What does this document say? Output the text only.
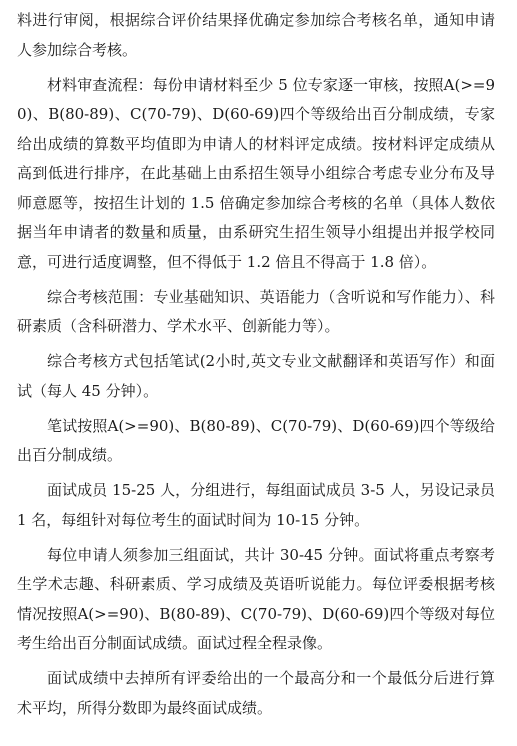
料进行审阅，根据综合评价结果择优确定参加综合考核名单，通知申请人参加综合考核。

材料审查流程：每份申请材料至少 5 位专家逐一审核，按照A(>=90)、B(80-89)、C(70-79)、D(60-69)四个等级给出百分制成绩，专家给出成绩的算数平均值即为申请人的材料评定成绩。按材料评定成绩从高到低进行排序，在此基础上由系招生领导小组综合考虑专业分布及导师意愿等，按招生计划的 1.5 倍确定参加综合考核的名单（具体人数依据当年申请者的数量和质量，由系研究生招生领导小组提出并报学校同意，可进行适度调整，但不得低于 1.2 倍且不得高于 1.8 倍）。

综合考核范围：专业基础知识、英语能力（含听说和写作能力）、科研素质（含科研潜力、学术水平、创新能力等）。

综合考核方式包括笔试(2小时,英文专业文献翻译和英语写作）和面试（每人 45 分钟）。

笔试按照A(>=90)、B(80-89)、C(70-79)、D(60-69)四个等级给出百分制成绩。

面试成员 15-25 人，分组进行，每组面试成员 3-5 人，另设记录员 1 名，每组针对每位考生的面试时间为 10-15 分钟。

每位申请人须参加三组面试，共计 30-45 分钟。面试将重点考察考生学术志趣、科研素质、学习成绩及英语听说能力。每位评委根据考核情况按照A(>=90)、B(80-89)、C(70-79)、D(60-69)四个等级对每位考生给出百分制面试成绩。面试过程全程录像。

面试成绩中去掉所有评委给出的一个最高分和一个最低分后进行算术平均，所得分数即为最终面试成绩。
